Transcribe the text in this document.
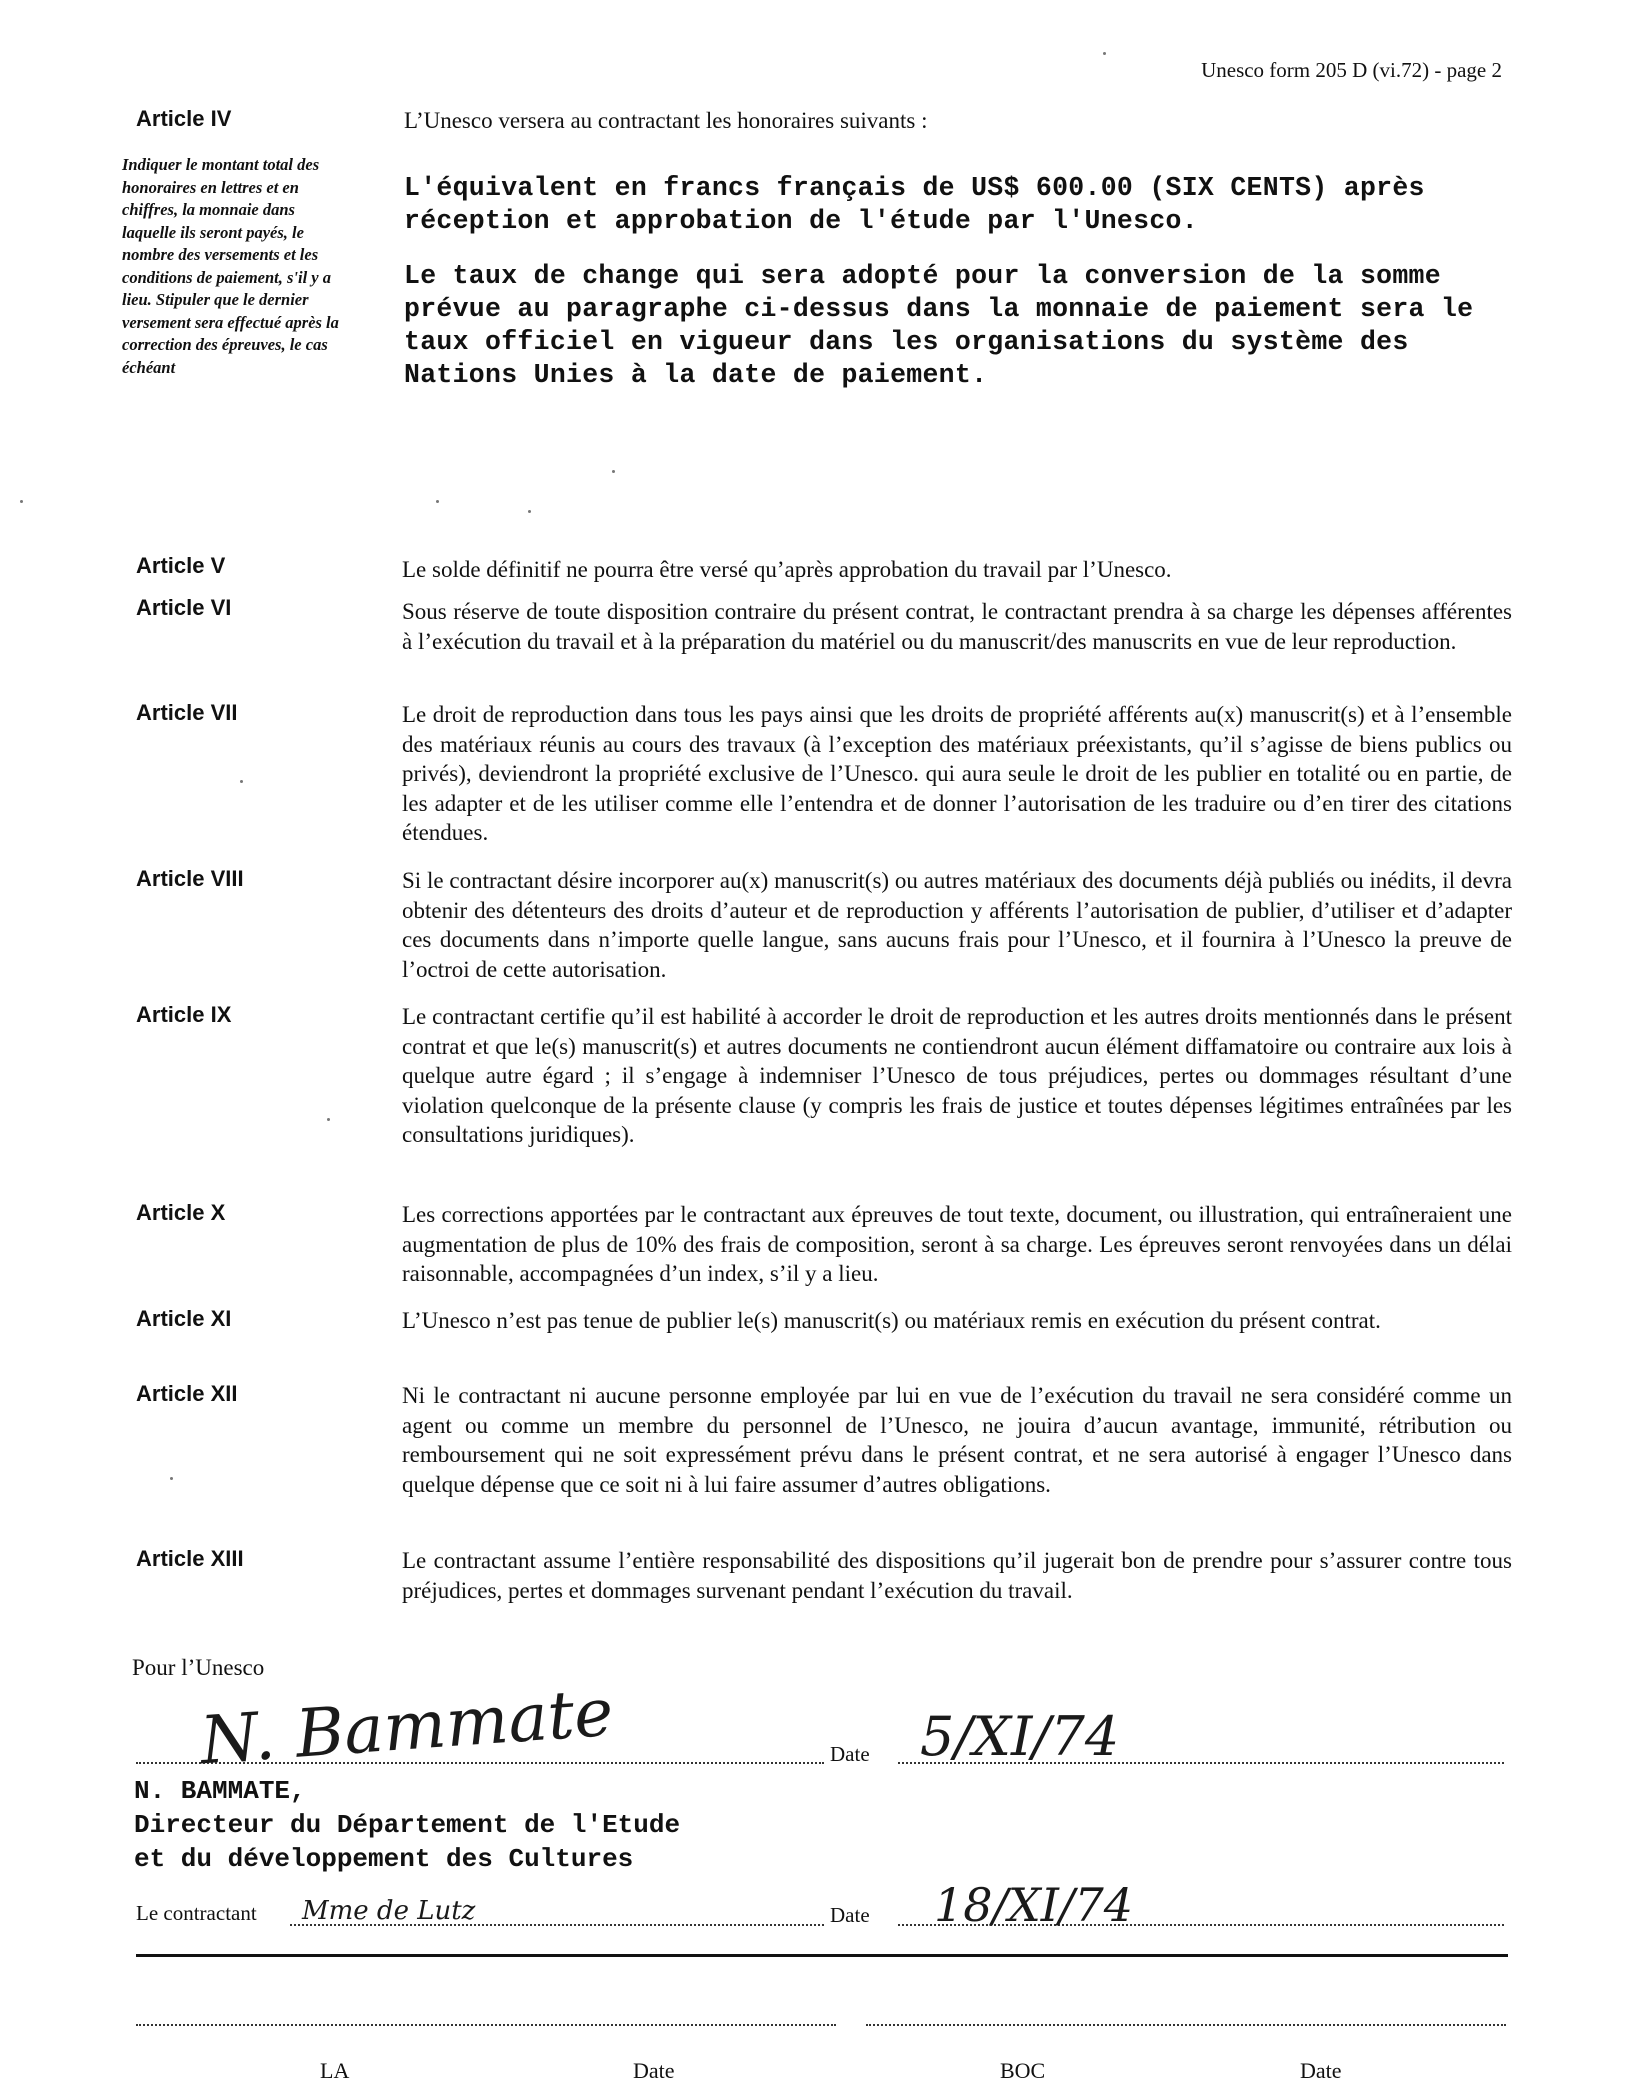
Unesco form 205 D (vi.72) - page 2
Article IV	L’Unesco versera au contractant les honoraires suivants :
Indiquer le montant total des honoraires en lettres et en chiffres, la monnaie dans laquelle ils seront payés, le nombre des versements et les conditions de paiement, s'il y a lieu. Stipuler que le dernier versement sera effectué après la correction des épreuves, le cas échéant
L'équivalent en francs français de US$ 600.00 (SIX CENTS) après réception et approbation de l'étude par l'Unesco.
Le taux de change qui sera adopté pour la conversion de la somme prévue au paragraphe ci-dessus dans la monnaie de paiement sera le taux officiel en vigueur dans les organisations du système des Nations Unies à la date de paiement.
Article V	Le solde définitif ne pourra être versé qu’après approbation du travail par l’Unesco.
Article VI	Sous réserve de toute disposition contraire du présent contrat, le contractant prendra à sa charge les dépenses afférentes à l’exécution du travail et à la préparation du matériel ou du manuscrit/des manuscrits en vue de leur reproduction.
Article VII	Le droit de reproduction dans tous les pays ainsi que les droits de propriété afférents au(x) manuscrit(s) et à l’ensemble des matériaux réunis au cours des travaux (à l’exception des matériaux préexistants, qu’il s’agisse de biens publics ou privés), deviendront la propriété exclusive de l’Unesco. qui aura seule le droit de les publier en totalité ou en partie, de les adapter et de les utiliser comme elle l’entendra et de donner l’autorisation de les traduire ou d’en tirer des citations étendues.
Article VIII	Si le contractant désire incorporer au(x) manuscrit(s) ou autres matériaux des documents déjà publiés ou inédits, il devra obtenir des détenteurs des droits d’auteur et de reproduction y afférents l’autorisation de publier, d’utiliser et d’adapter ces documents dans n’importe quelle langue, sans aucuns frais pour l’Unesco, et il fournira à l’Unesco la preuve de l’octroi de cette autorisation.
Article IX	Le contractant certifie qu’il est habilité à accorder le droit de reproduction et les autres droits mentionnés dans le présent contrat et que le(s) manuscrit(s) et autres documents ne contiendront aucun élément diffamatoire ou contraire aux lois à quelque autre égard ; il s’engage à indemniser l’Unesco de tous préjudices, pertes ou dommages résultant d’une violation quelconque de la présente clause (y compris les frais de justice et toutes dépenses légitimes entraînées par les consultations juridiques).
Article X	Les corrections apportées par le contractant aux épreuves de tout texte, document, ou illustration, qui entraîneraient une augmentation de plus de 10% des frais de composition, seront à sa charge. Les épreuves seront renvoyées dans un délai raisonnable, accompagnées d’un index, s’il y a lieu.
Article XI	L’Unesco n’est pas tenue de publier le(s) manuscrit(s) ou matériaux remis en exécution du présent contrat.
Article XII	Ni le contractant ni aucune personne employée par lui en vue de l’exécution du travail ne sera considéré comme un agent ou comme un membre du personnel de l’Unesco, ne jouira d’aucun avantage, immunité, rétribution ou remboursement qui ne soit expressément prévu dans le présent contrat, et ne sera autorisé à engager l’Unesco dans quelque dépense que ce soit ni à lui faire assumer d’autres obligations.
Article XIII	Le contractant assume l’entière responsabilité des dispositions qu’il jugerait bon de prendre pour s’assurer contre tous préjudices, pertes et dommages survenant pendant l’exécution du travail.
Pour l’Unesco
N. Bammate	Date 5/XI/74
N. BAMMATE,
Directeur du Département de l'Etude
et du développement des Cultures
Le contractant Mme de Lutz	Date 18/XI/74
LA	Date	BOC	Date
